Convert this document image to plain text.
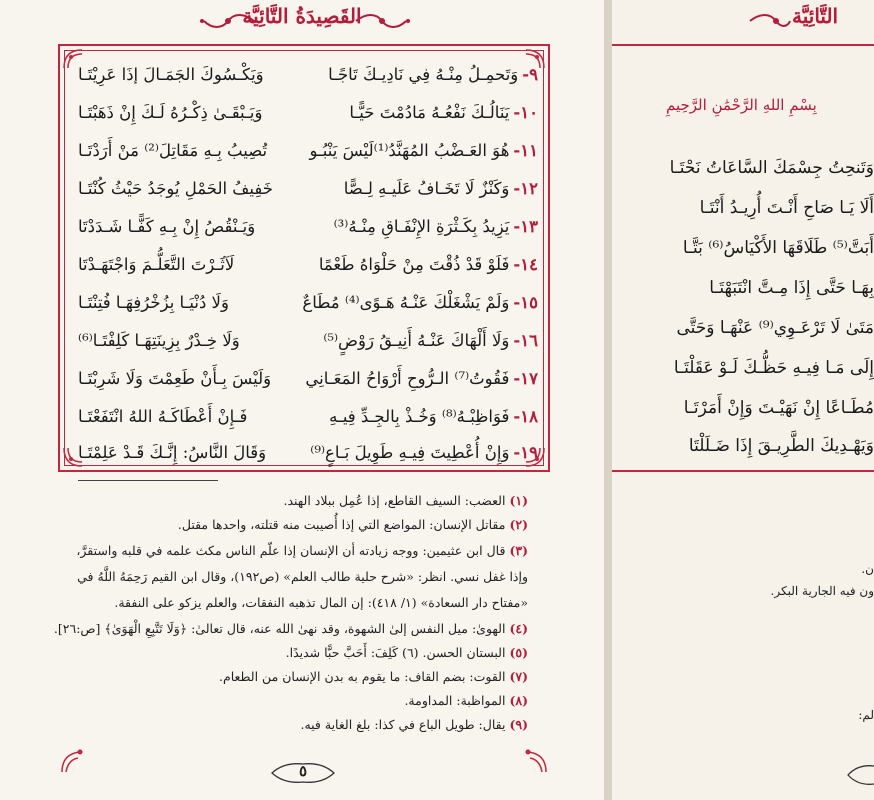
القَصِيدَةُ التَّائِيَّة
٩-
وَتَحمِـلُ مِنْـهُ فِي نَادِيـكَ تَاجًـا
وَيَكْـسُوكَ الجَمَـالَ إذَا عَرِيْتَـا
١٠-
يَنَالُـكَ نَفْعُـهُ مَادُمْتَ حَيًّـا
وَيَـبْقَـىٰ ذِكْـرُهُ لَـكَ إِنْ ذَهَبْتَـا
١١-
هُوَ العَـضْبُ المُهَنَّدُ⁽¹⁾لَيْسَ يَنْبُـو
تُصِيبُ بِـهِ مَقَاتِلَ⁽²⁾ مَنْ أَرَدْتَـا
١٢-
وَكَنْزٌ لَا تَخَـافُ عَلَيـهِ لِـصًّا
خَفِيفُ الحَمْلِ يُوجَدُ حَيْثُ كُنْتَـا
١٣-
يَزِيدُ بِكَـثْرَةِ الإِنْفَـاقِ مِنْـهُ⁽³⁾
وَيَـنْقُصُ إِنْ بِـهِ كَفًّـا شَـدَدْتَا
١٤-
فَلَوْ قَدْ ذُقْتَ مِنْ حَلْوَاهُ طَعْمًا
لَآثَـرْتَ التَّعَلُّـمَ وَاجْتَهَـدْتَا
١٥-
وَلَمْ يَشْغَلْكَ عَنْـهُ هَـوًى⁽⁴⁾ مُطَاعٌ
وَلَا دُنْيَـا بِزُخْرُفِهَـا فُتِنْتَـا
١٦-
وَلَا أَلْهَاكَ عَنْـهُ أَنِيـقُ رَوْضٍ⁽⁵⁾
وَلَا خِـدْرٌ بِزِينَتِهَـا كَلِفْتَـا⁽⁶⁾
١٧-
فَقُوتُ⁽⁷⁾ الـرُّوحِ أَرْوَاحُ المَعَـانِي
وَلَيْسَ بِـأَنْ طَعِمْتَ وَلَا شَرِبْتَـا
١٨-
فَوَاظِبْـهُ⁽⁸⁾ وَخُـذْ بِالجِـدِّ فِيـهِ
فَـإِنْ أَعْطَاكَـهُ اللهُ انْتَفَعْتَـا
١٩-
وَإِنْ أُعْطِيتَ فِيـهِ طَوِيلَ بَـاعٍ⁽⁹⁾
وَقَالَ النَّاسُ: إِنَّـكَ قَـدْ عَلِمْتَـا
(١) العضب: السيف القاطع، إذا عُمِل ببلاد الهند.
(٢) مقاتل الإنسان: المواضع التي إذا أُصيبت منه قتلته، واحدها مقتل.
(٣) قال ابن عثيمين: ووجه زيادته أن الإنسان إذا علّم الناس مكث علمه في قلبه واستقرَّ،
وإذا غفل نسي. انظر: «شرح حلية طالب العلم» (ص١٩٢)، وقال ابن القيم رَحِمَهُ اللَّهُ في
«مفتاح دار السعادة» (١/ ٤١٨): إن المال تذهبه النفقات، والعلم يزكو على النفقة.
(٤) الهوىٰ: ميل النفس إلىٰ الشهوة، وقد نهىٰ الله عنه، قال تعالىٰ: ﴿وَلَا تَتَّبِعِ الْهَوَىٰ﴾ [ص:٢٦].
(٥) البستان الحسن. (٦) كَلِفَ: أَحَبَّ حبًّا شديدًا.
(٧) القوت: بضم القاف: ما يقوم به بدن الإنسان من الطعام.
(٨) المواظبة: المداومة.
(٩) يقال: طويل الباع في كذا: بلغ الغاية فيه.
٥
التَّائِيَّة
بِسْمِ اللهِ الرَّحْمَٰنِ الرَّحِيمِ
وَتَنحِتُ جِسْمَكَ السَّاعَاتُ نَحْتَـا
أَلَا يَـا صَاحِ أَنْـتَ أُرِيـدُ أَنْتَـا
أَبَتَّ⁽⁵⁾ طَلَاقَهَا الأَكْيَاسُ⁽⁶⁾ بَتَّـا
بِهَـا حَتَّى إِذَا مِـتَّ انْتَبَهْتَـا
مَتَىٰ لَا تَرْعَـوِي⁽⁹⁾ عَنْهَـا وَحَتَّى
إِلَى مَـا فِيـهِ حَظُّـكَ لَـوْ عَقَلْتَـا
مُطَـاعًا إِنْ نَهَيْـتَ وَإِنْ أَمَرْتَـا
وَيَهْـدِيكَ الطَّرِيـقَ إِذَا ضَـلَلْتَا
ن.
ون فيه الجارية البكر.
لم:
